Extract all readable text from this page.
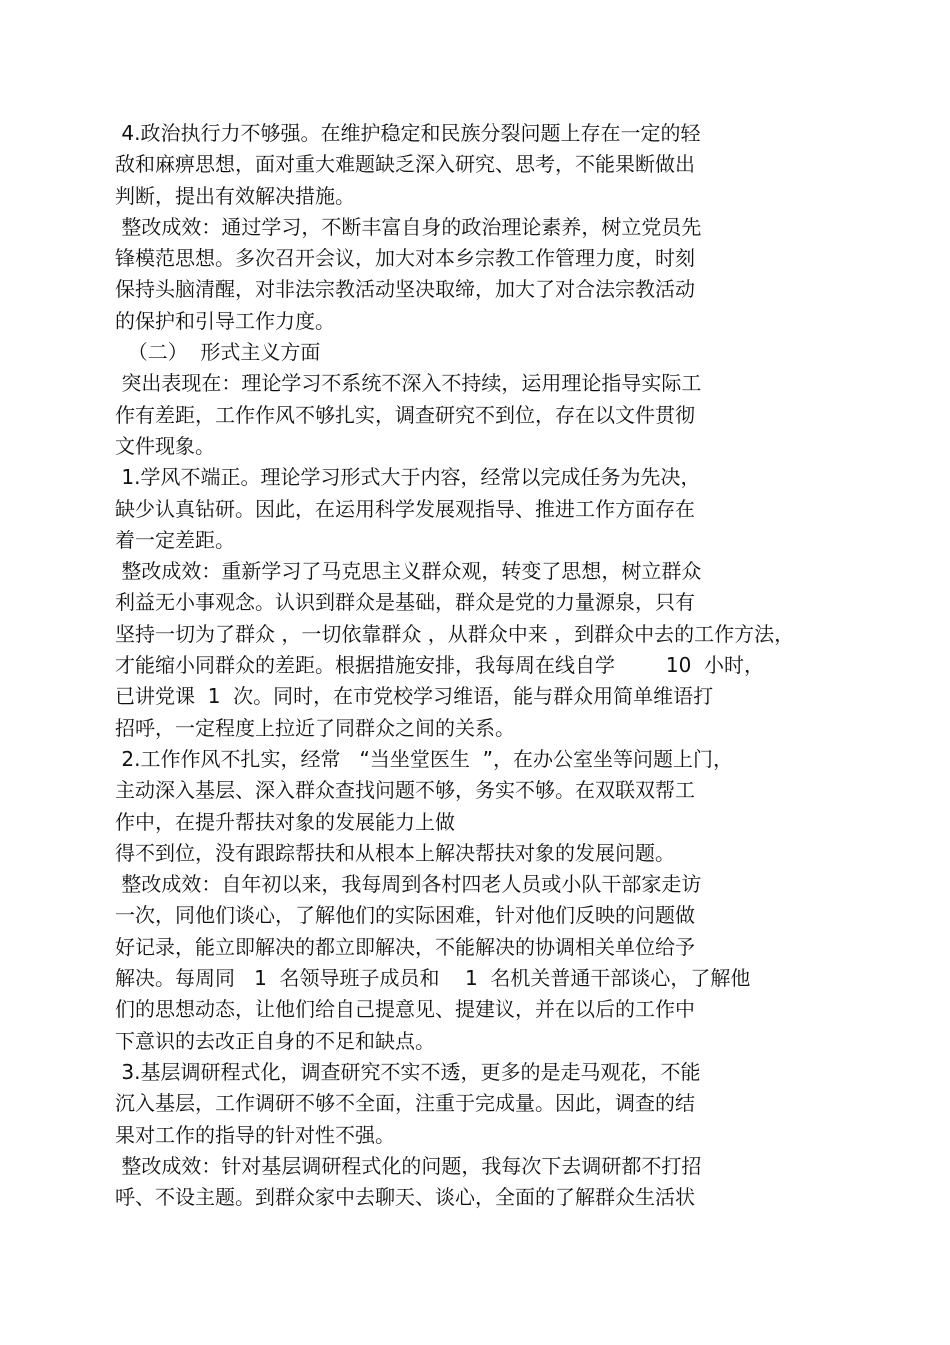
4.政治执行力不够强。在维护稳定和民族分裂问题上存在一定的轻
敌和麻痹思想，面对重大难题缺乏深入研究、思考，不能果断做出
判断，提出有效解决措施。
整改成效：通过学习，不断丰富自身的政治理论素养，树立党员先
锋模范思想。多次召开会议，加大对本乡宗教工作管理力度，时刻
保持头脑清醒，对非法宗教活动坚决取缔，加大了对合法宗教活动
的保护和引导工作力度。
（二）  形式主义方面
突出表现在：理论学习不系统不深入不持续，运用理论指导实际工
作有差距，工作作风不够扎实，调查研究不到位，存在以文件贯彻
文件现象。
1.学风不端正。理论学习形式大于内容，经常以完成任务为先决，
缺少认真钻研。因此，在运用科学发展观指导、推进工作方面存在
着一定差距。
整改成效：重新学习了马克思主义群众观，转变了思想，树立群众
利益无小事观念。认识到群众是基础，群众是党的力量源泉，只有
坚持一切为了群众 ，一切依靠群众 ，从群众中来 ，到群众中去的工作方法，
才能缩小同群众的差距。根据措施安排，我每周在线自学        10  小时，
已讲党课  1  次。同时，在市党校学习维语，能与群众用简单维语打
招呼，一定程度上拉近了同群众之间的关系。
2.工作作风不扎实，经常   “当坐堂医生  ”，在办公室坐等问题上门，
主动深入基层、深入群众查找问题不够，务实不够。在双联双帮工
作中，在提升帮扶对象的发展能力上做
得不到位，没有跟踪帮扶和从根本上解决帮扶对象的发展问题。
整改成效：自年初以来，我每周到各村四老人员或小队干部家走访
一次，同他们谈心，了解他们的实际困难，针对他们反映的问题做
好记录，能立即解决的都立即解决，不能解决的协调相关单位给予
解决。每周同   1  名领导班子成员和    1  名机关普通干部谈心，了解他
们的思想动态，让他们给自己提意见、提建议，并在以后的工作中
下意识的去改正自身的不足和缺点。
3.基层调研程式化，调查研究不实不透，更多的是走马观花，不能
沉入基层，工作调研不够不全面，注重于完成量。因此，调查的结
果对工作的指导的针对性不强。
整改成效：针对基层调研程式化的问题，我每次下去调研都不打招
呼、不设主题。到群众家中去聊天、谈心，全面的了解群众生活状
